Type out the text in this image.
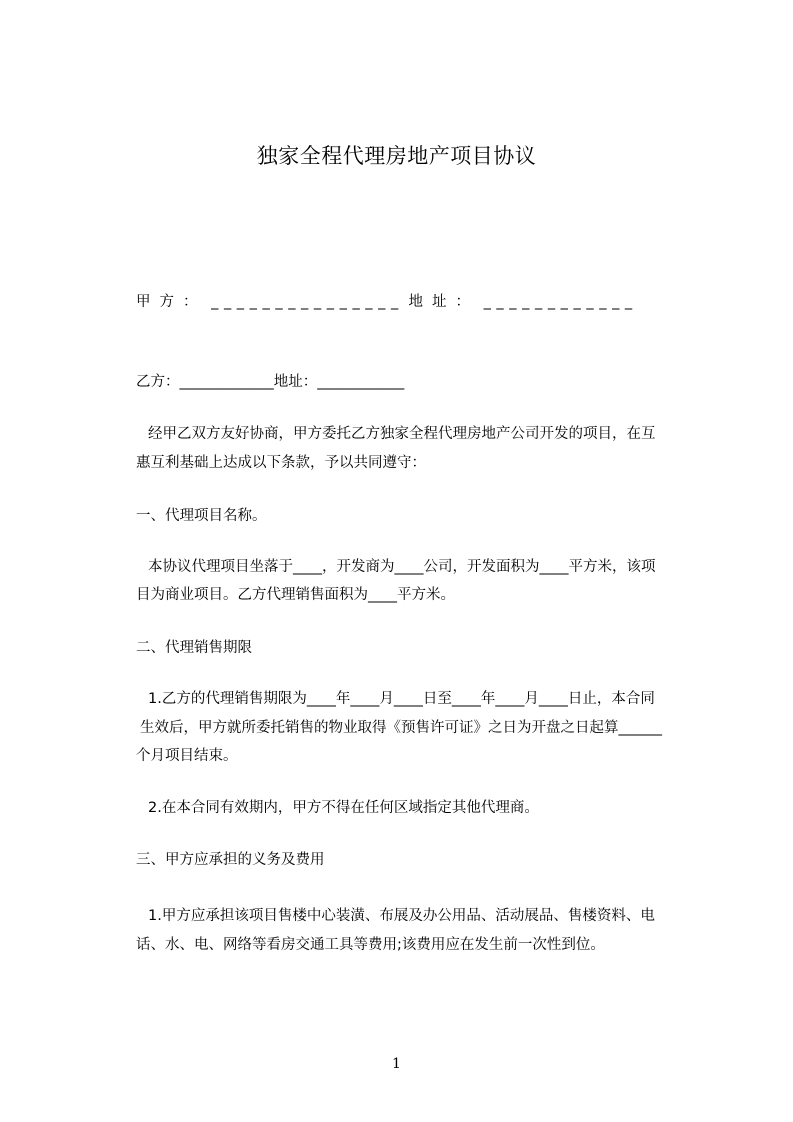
独家全程代理房地产项目协议
甲方： _______________ 地址： ____________
乙方：_____________地址：____________
经甲乙双方友好协商，甲方委托乙方独家全程代理房地产公司开发的项目，在互
惠互利基础上达成以下条款，予以共同遵守：
一、代理项目名称。
本协议代理项目坐落于____，开发商为____公司，开发面积为____平方米，该项
目为商业项目。乙方代理销售面积为____平方米。
二、代理销售期限
1.乙方的代理销售期限为____年____月____日至____年____月____日止，本合同
生效后，甲方就所委托销售的物业取得《预售许可证》之日为开盘之日起算______
个月项目结束。
2.在本合同有效期内，甲方不得在任何区域指定其他代理商。
三、甲方应承担的义务及费用
1.甲方应承担该项目售楼中心装潢、布展及办公用品、活动展品、售楼资料、电
话、水、电、网络等看房交通工具等费用;该费用应在发生前一次性到位。
1
